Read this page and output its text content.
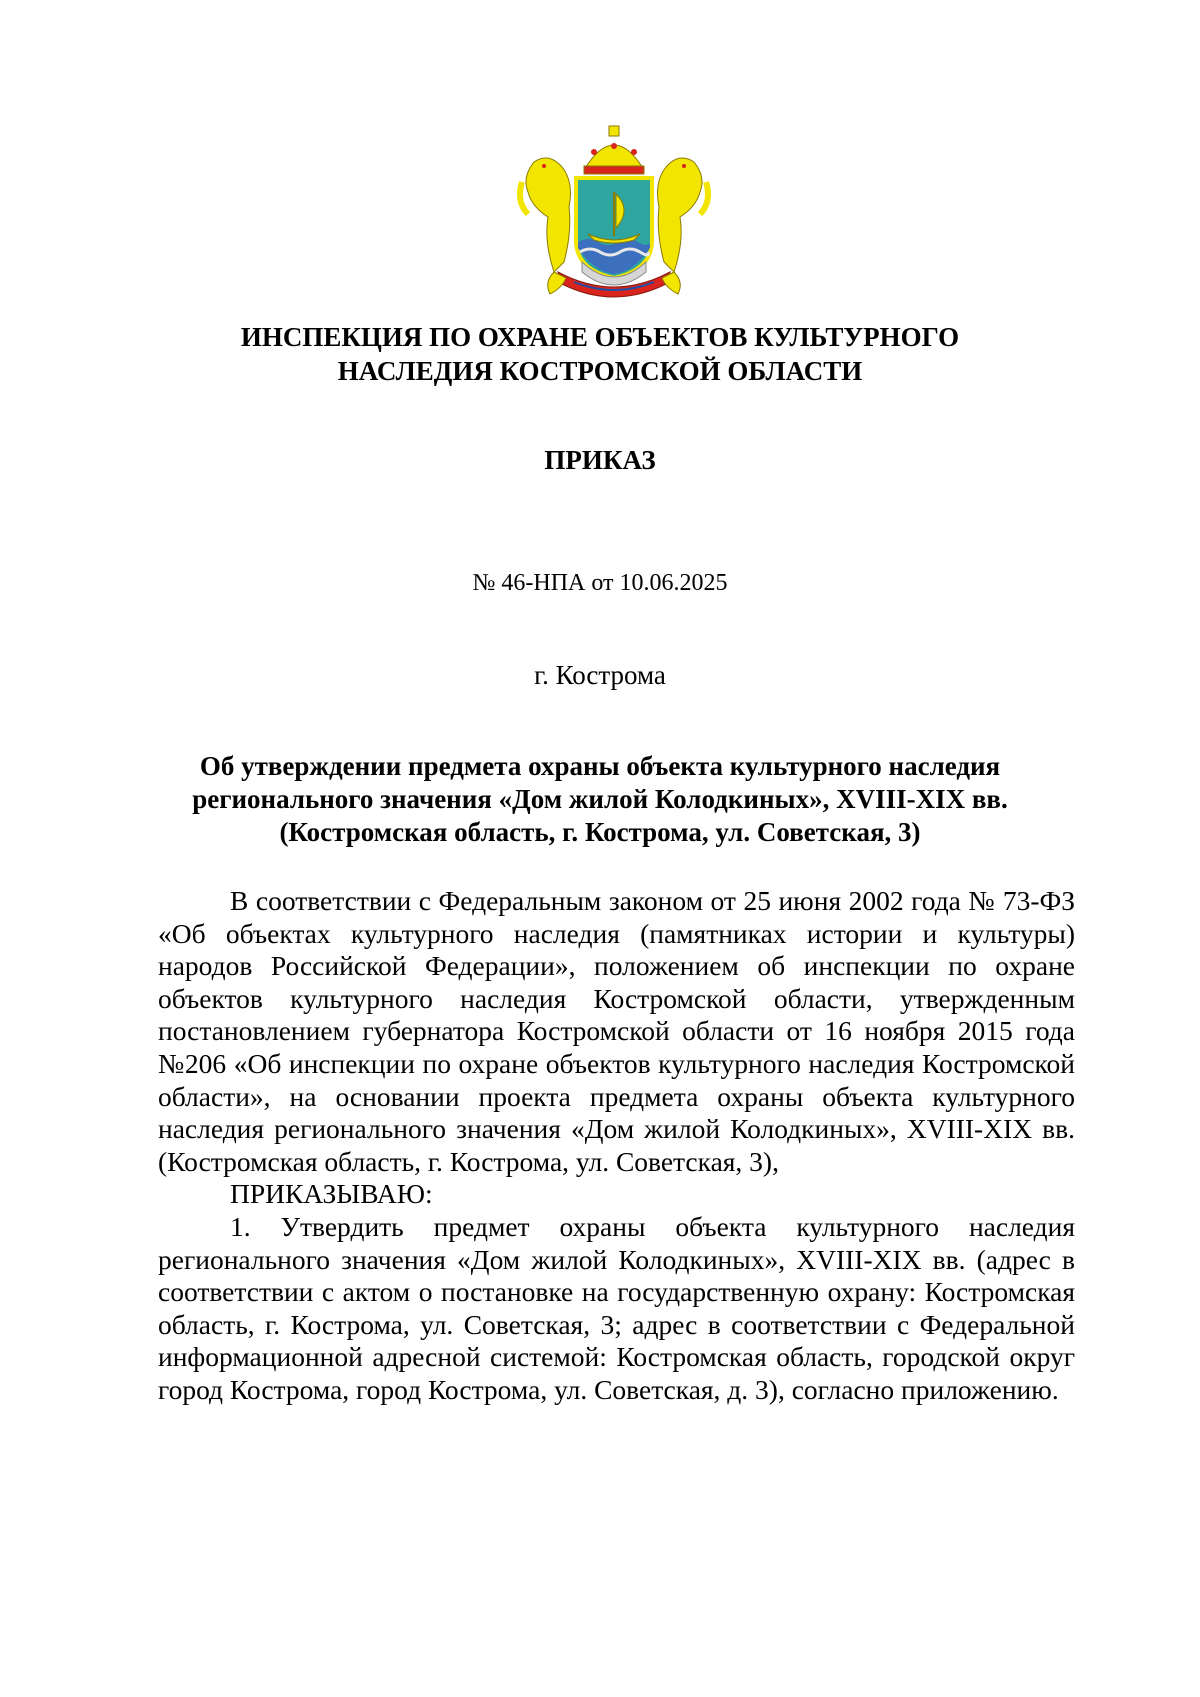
ИНСПЕКЦИЯ ПО ОХРАНЕ ОБЪЕКТОВ КУЛЬТУРНОГО
НАСЛЕДИЯ КОСТРОМСКОЙ ОБЛАСТИ
ПРИКАЗ
№ 46-НПА от 10.06.2025
г. Кострома
Об утверждении предмета охраны объекта культурного наследия
регионального значения «Дом жилой Колодкиных», XVIII-XIX вв.
(Костромская область, г. Кострома, ул. Советская, 3)

В соответствии с Федеральным законом от 25 июня 2002 года № 73-ФЗ «Об объектах культурного наследия (памятниках истории и культуры) народов Российской Федерации», положением об инспекции по охране объектов культурного наследия Костромской области, утвержденным постановлением губернатора Костромской области от 16 ноября 2015 года №206 «Об инспекции по охране объектов культурного наследия Костромской области», на основании проекта предмета охраны объекта культурного наследия регионального значения «Дом жилой Колодкиных», XVIII-XIX вв. (Костромская область, г. Кострома, ул. Советская, 3),

ПРИКАЗЫВАЮ:

1. Утвердить предмет охраны объекта культурного наследия регионального значения «Дом жилой Колодкиных», XVIII-XIX вв. (адрес в соответствии с актом о постановке на государственную охрану: Костромская область, г. Кострома, ул. Советская, 3; адрес в соответствии с Федеральной информационной адресной системой: Костромская область, городской округ город Кострома, город Кострома, ул. Советская, д. 3), согласно приложению.
